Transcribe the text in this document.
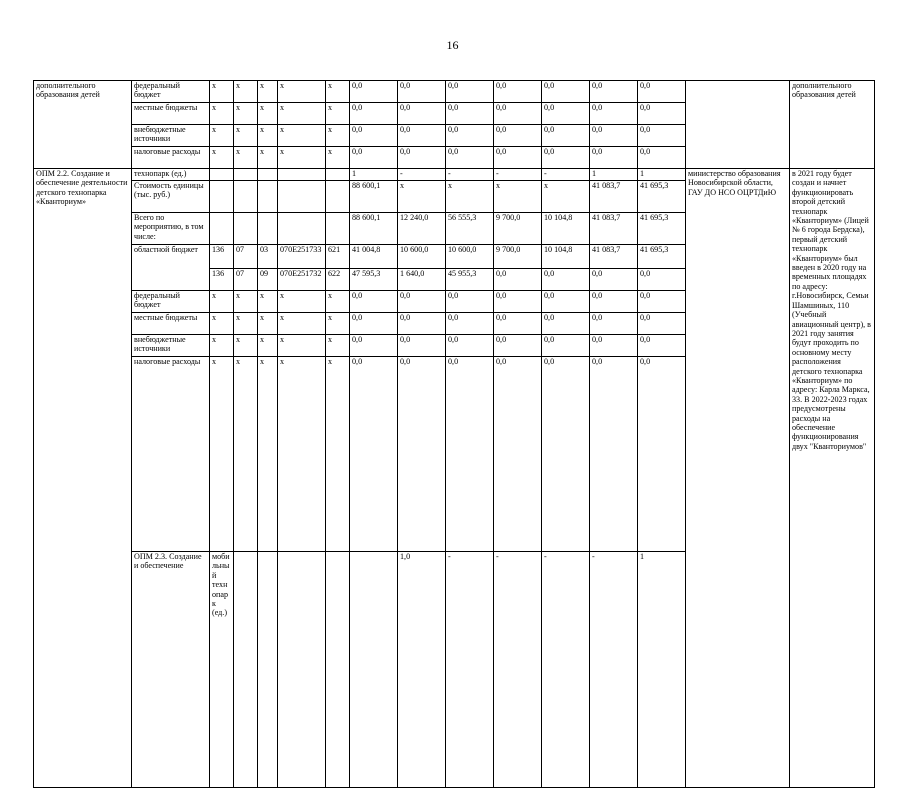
16
дополнительного образования детей	федеральный бюджет	x	x	x	x	x	0,0	0,0	0,0	0,0	0,0	0,0	0,0		дополнительного образования детей	
	местные бюджеты	x	x	x	x	x	0,0	0,0	0,0	0,0	0,0	0,0	0,0			
	внебюджетные источники	x	x	x	x	x	0,0	0,0	0,0	0,0	0,0	0,0	0,0			
	налоговые расходы	x	x	x	x	x	0,0	0,0	0,0	0,0	0,0	0,0	0,0			
ОПМ 2.2. Создание и обеспечение деятельности детского технопарка «Кванториум»	технопарк (ед.)						1	-	-	-	-	1	1	министерство образования Новосибирской области, ГАУ ДО НСО ОЦРТДиЮ	в 2021 году будет создан и начнет функционировать второй детский технопарк «Кванториум» (Лицей № 6 города Бердска), первый детский технопарк «Кванториум» был введен в 2020 году на временных площадях по адресу: г.Новосибирск, Семьи Шамшиных, 110 (Учебный авиационный центр), в 2021 году занятия будут проходить по основному месту расположения детского технопарка «Кванториум» по адресу: Карла Маркса, 33. В 2022-2023 годах предусмотрены расходы на обеспечение функционирования двух "Кванториумов"	
	Стоимость единицы (тыс. руб.)						88 600,1	x	x	x	x	41 083,7	41 695,3			
	Всего по мероприятию, в том числе:						88 600,1	12 240,0	56 555,3	9 700,0	10 104,8	41 083,7	41 695,3			
	областной бюджет	136	07	03	070E251733	621	41 004,8	10 600,0	10 600,0	9 700,0	10 104,8	41 083,7	41 695,3			
		136	07	09	070E251732	622	47 595,3	1 640,0	45 955,3	0,0	0,0	0,0	0,0			
	федеральный бюджет	x	x	x	x	x	0,0	0,0	0,0	0,0	0,0	0,0	0,0			
	местные бюджеты	x	x	x	x	x	0,0	0,0	0,0	0,0	0,0	0,0	0,0			
	внебюджетные источники	x	x	x	x	x	0,0	0,0	0,0	0,0	0,0	0,0	0,0			
	налоговые расходы	x	x	x	x	x	0,0	0,0	0,0	0,0	0,0	0,0	0,0			
	ОПМ 2.3. Создание и обеспечение	мобильный технопарк (ед.)						1,0	-	-	-	-	1			
